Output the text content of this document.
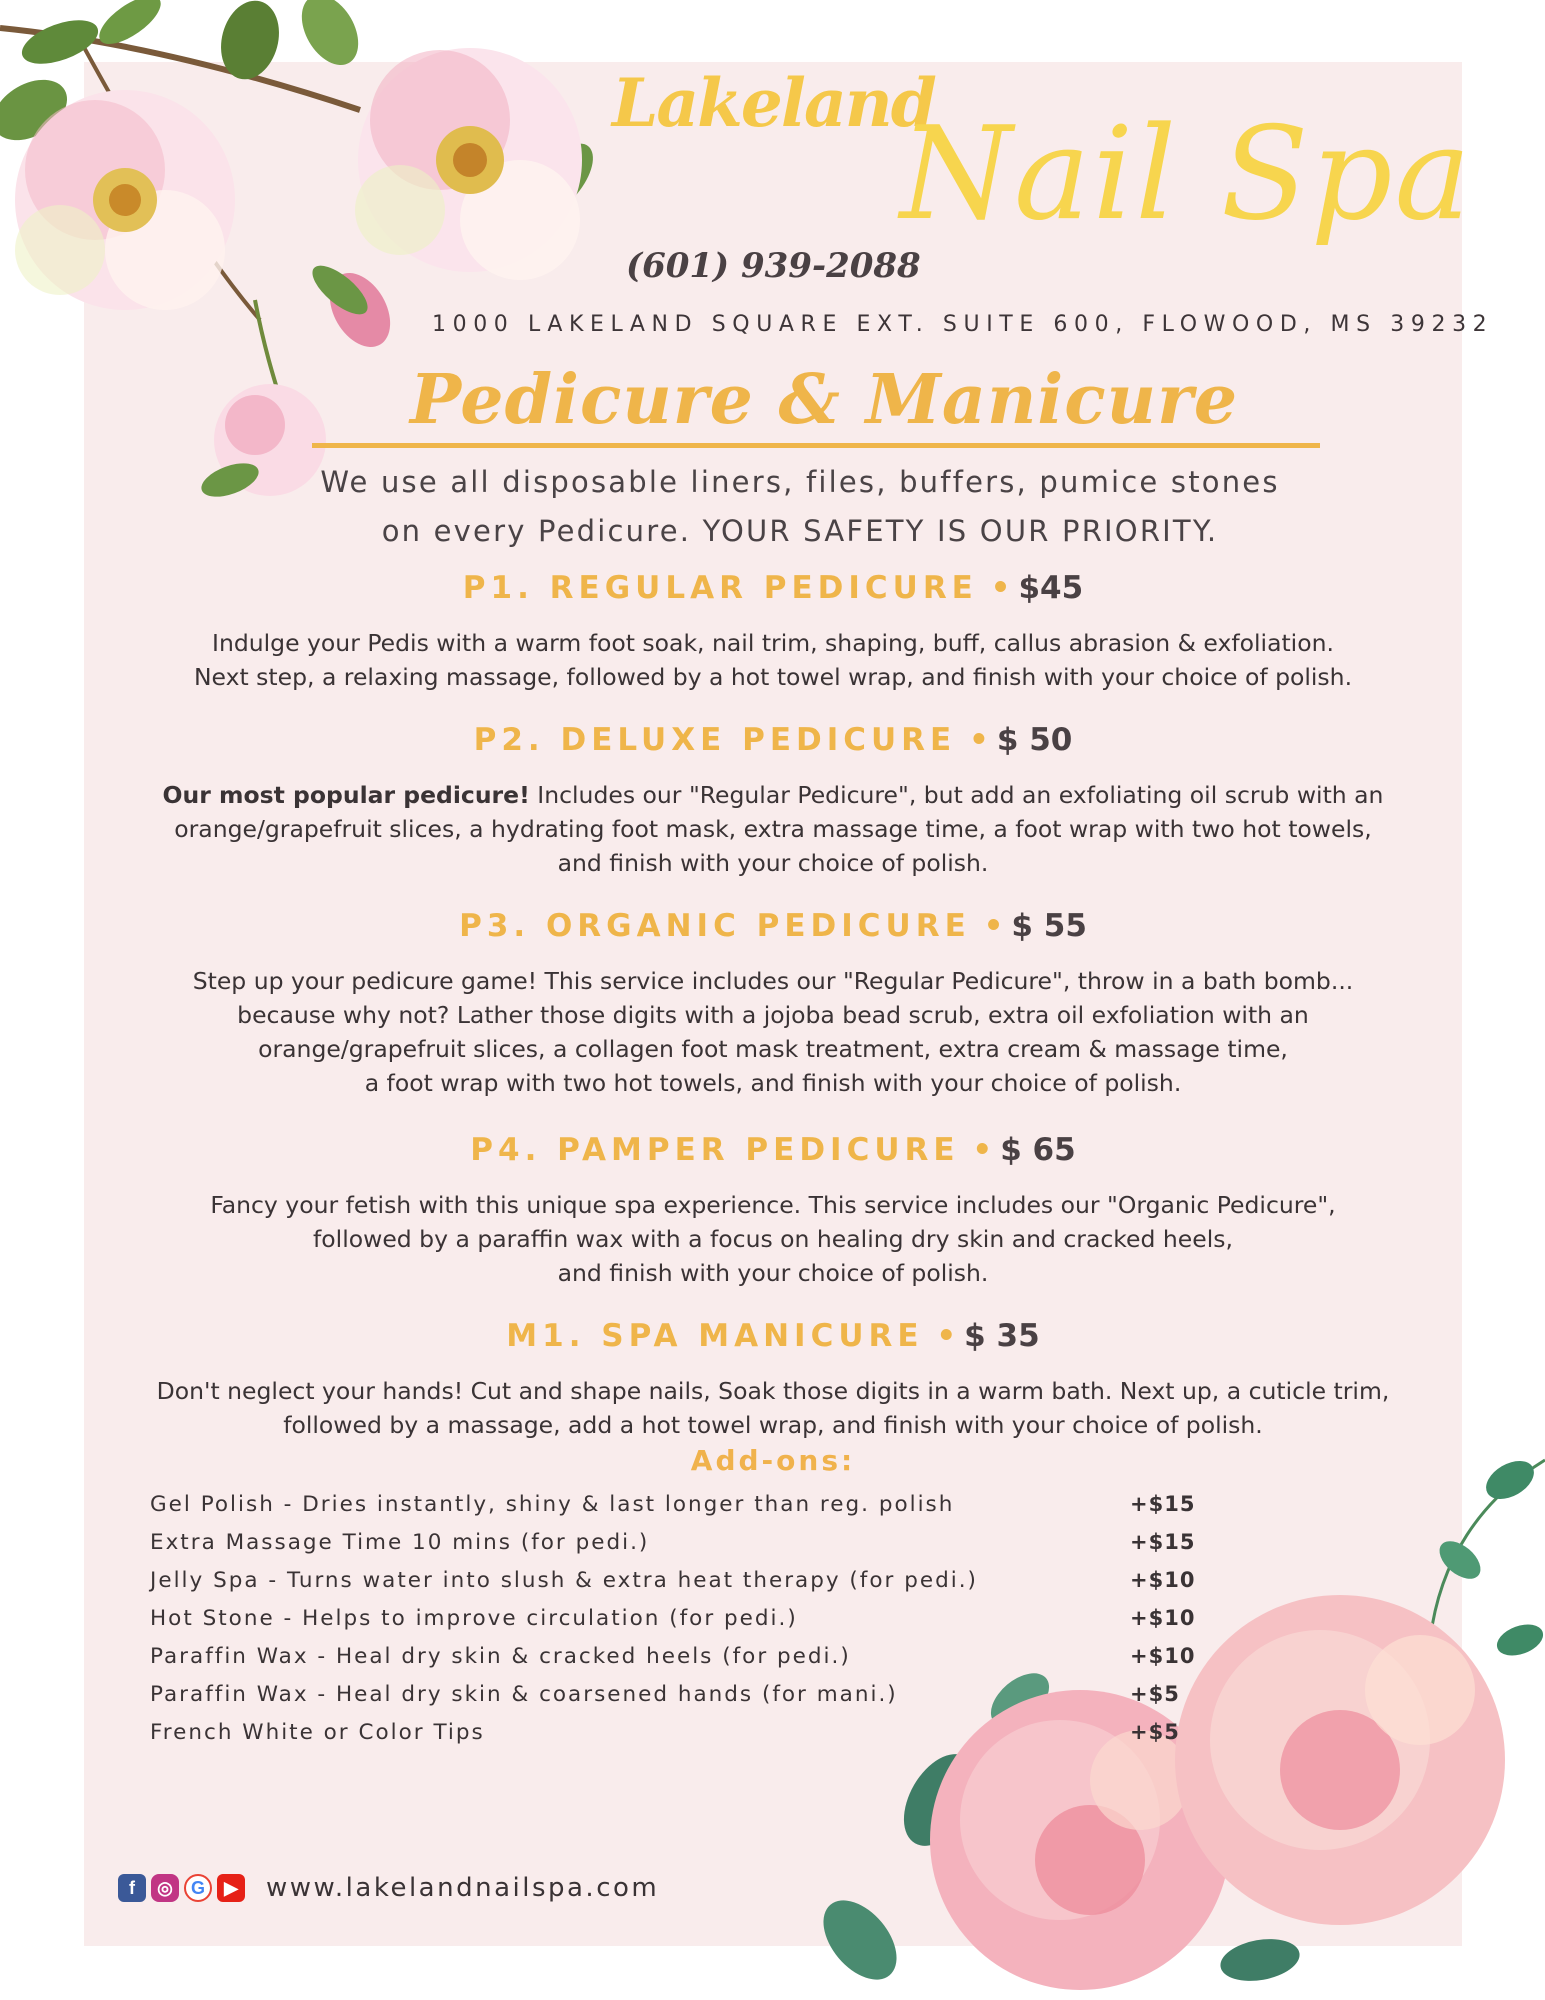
Lakeland
Nail Spa
(601) 939-2088
1000 LAKELAND SQUARE EXT. SUITE 600, FLOWOOD, MS 39232
Pedicure & Manicure
We use all disposable liners, files, buffers, pumice stones
on every Pedicure. YOUR SAFETY IS OUR PRIORITY.
P1. REGULAR PEDICURE • $45
Indulge your Pedis with a warm foot soak, nail trim, shaping, buff, callus abrasion & exfoliation.
Next step, a relaxing massage, followed by a hot towel wrap, and finish with your choice of polish.
P2. DELUXE PEDICURE • $ 50
Our most popular pedicure! Includes our "Regular Pedicure", but add an exfoliating oil scrub with an
orange/grapefruit slices, a hydrating foot mask, extra massage time, a foot wrap with two hot towels,
and finish with your choice of polish.
P3. ORGANIC PEDICURE • $ 55
Step up your pedicure game! This service includes our "Regular Pedicure", throw in a bath bomb...
because why not? Lather those digits with a jojoba bead scrub, extra oil exfoliation with an
orange/grapefruit slices, a collagen foot mask treatment, extra cream & massage time,
a foot wrap with two hot towels, and finish with your choice of polish.
P4. PAMPER PEDICURE • $ 65
Fancy your fetish with this unique spa experience. This service includes our "Organic Pedicure",
followed by a paraffin wax with a focus on healing dry skin and cracked heels,
and finish with your choice of polish.
M1. SPA MANICURE • $ 35
Don't neglect your hands! Cut and shape nails, Soak those digits in a warm bath. Next up, a cuticle trim,
followed by a massage, add a hot towel wrap, and finish with your choice of polish.
Add-ons:
Gel Polish - Dries instantly, shiny & last longer than reg. polish	+$15
Extra Massage Time 10 mins (for pedi.)	+$15
Jelly Spa - Turns water into slush & extra heat therapy (for pedi.)	+$10
Hot Stone - Helps to improve circulation (for pedi.)	+$10
Paraffin Wax - Heal dry skin & cracked heels (for pedi.)	+$10
Paraffin Wax - Heal dry skin & coarsened hands (for mani.)	+$5
French White or Color Tips	+$5
f	◎	G	▶ www.lakelandnailspa.com
